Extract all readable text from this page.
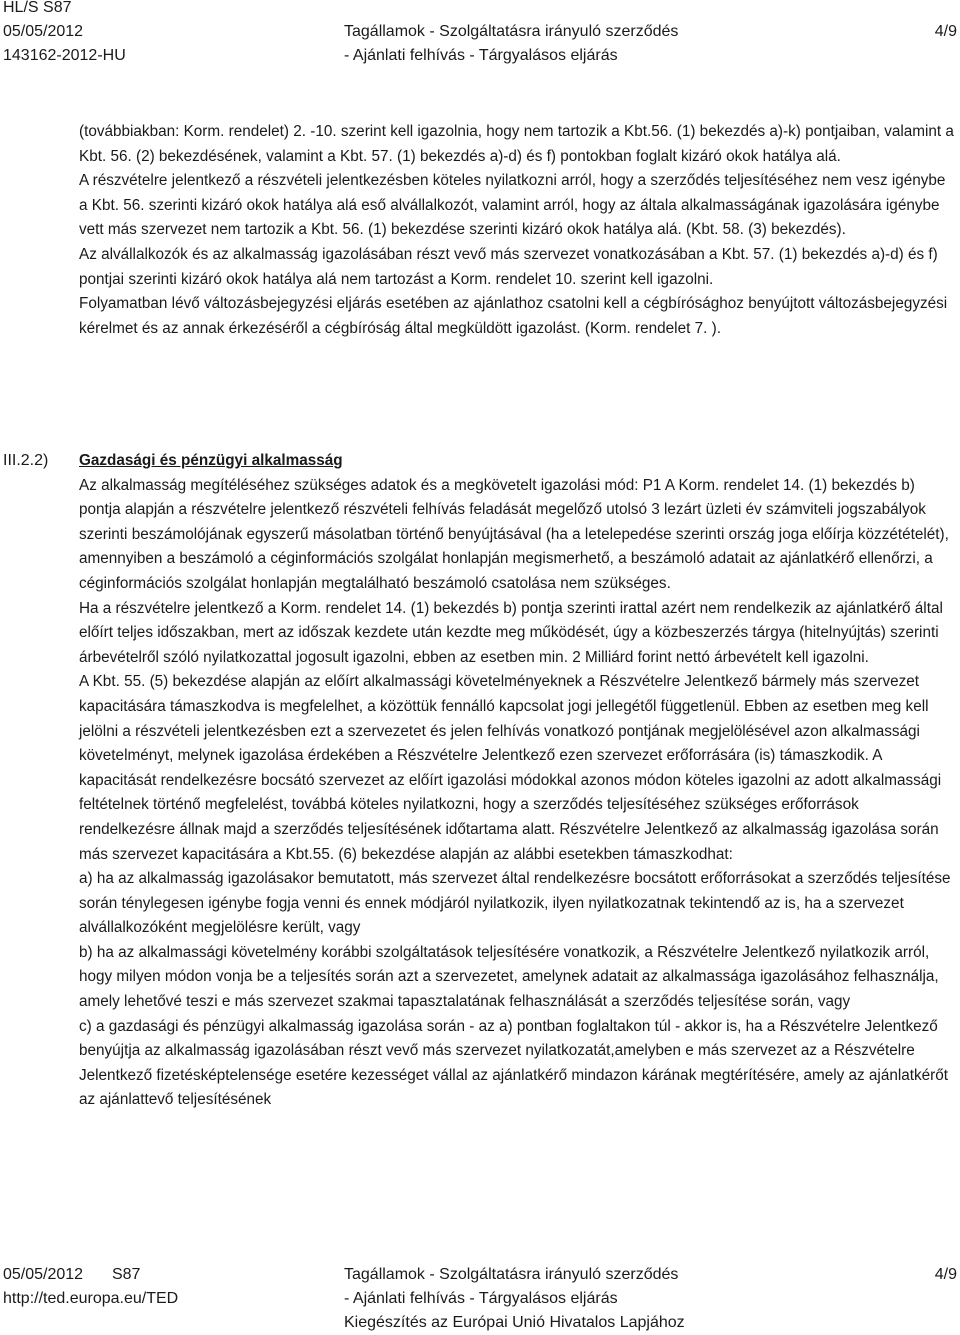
HL/S S87
05/05/2012
143162-2012-HU
Tagállamok - Szolgáltatásra irányuló szerződés
- Ajánlati felhívás - Tárgyalásos eljárás
4/9

(továbbiakban: Korm. rendelet) 2. -10. szerint kell igazolnia, hogy nem tartozik a Kbt.56. (1) bekezdés a)-k) pontjaiban, valamint a Kbt. 56. (2) bekezdésének, valamint a Kbt. 57. (1) bekezdés a)-d) és f) pontokban foglalt kizáró okok hatálya alá.

A részvételre jelentkező a részvételi jelentkezésben köteles nyilatkozni arról, hogy a szerződés teljesítéséhez nem vesz igénybe a Kbt. 56. szerinti kizáró okok hatálya alá eső alvállalkozót, valamint arról, hogy az általa alkalmasságának igazolására igénybe vett más szervezet nem tartozik a Kbt. 56. (1) bekezdése szerinti kizáró okok hatálya alá. (Kbt. 58. (3) bekezdés).

Az alvállalkozók és az alkalmasság igazolásában részt vevő más szervezet vonatkozásában a Kbt. 57. (1) bekezdés a)-d) és f) pontjai szerinti kizáró okok hatálya alá nem tartozást a Korm. rendelet 10. szerint kell igazolni.

Folyamatban lévő változásbejegyzési eljárás esetében az ajánlathoz csatolni kell a cégbírósághoz benyújtott változásbejegyzési kérelmet és az annak érkezéséről a cégbíróság által megküldött igazolást. (Korm. rendelet 7. ).

III.2.2) Gazdasági és pénzügyi alkalmasság

Az alkalmasság megítéléséhez szükséges adatok és a megkövetelt igazolási mód: P1 A Korm. rendelet 14. (1) bekezdés b) pontja alapján a részvételre jelentkező részvételi felhívás feladását megelőző utolsó 3 lezárt üzleti év számviteli jogszabályok szerinti beszámolójának egyszerű másolatban történő benyújtásával (ha a letelepedése szerinti ország joga előírja közzétételét), amennyiben a beszámoló a céginformációs szolgálat honlapján megismerhető, a beszámoló adatait az ajánlatkérő ellenőrzi, a céginformációs szolgálat honlapján megtalálható beszámoló csatolása nem szükséges.

Ha a részvételre jelentkező a Korm. rendelet 14. (1) bekezdés b) pontja szerinti irattal azért nem rendelkezik az ajánlatkérő által előírt teljes időszakban, mert az időszak kezdete után kezdte meg működését, úgy a közbeszerzés tárgya (hitelnyújtás) szerinti árbevételről szóló nyilatkozattal jogosult igazolni, ebben az esetben min. 2 Milliárd forint nettó árbevételt kell igazolni.

A Kbt. 55. (5) bekezdése alapján az előírt alkalmassági követelményeknek a Részvételre Jelentkező bármely más szervezet kapacitására támaszkodva is megfelelhet, a közöttük fennálló kapcsolat jogi jellegétől függetlenül. Ebben az esetben meg kell jelölni a részvételi jelentkezésben ezt a szervezetet és jelen felhívás vonatkozó pontjának megjelölésével azon alkalmassági követelményt, melynek igazolása érdekében a Részvételre Jelentkező ezen szervezet erőforrására (is) támaszkodik. A kapacitását rendelkezésre bocsátó szervezet az előírt igazolási módokkal azonos módon köteles igazolni az adott alkalmassági feltételnek történő megfelelést, továbbá köteles nyilatkozni, hogy a szerződés teljesítéséhez szükséges erőforrások rendelkezésre állnak majd a szerződés teljesítésének időtartama alatt. Részvételre Jelentkező az alkalmasság igazolása során más szervezet kapacitására a Kbt.55. (6) bekezdése alapján az alábbi esetekben támaszkodhat:

a) ha az alkalmasság igazolásakor bemutatott, más szervezet által rendelkezésre bocsátott erőforrásokat a szerződés teljesítése során ténylegesen igénybe fogja venni és ennek módjáról nyilatkozik, ilyen nyilatkozatnak tekintendő az is, ha a szervezet alvállalkozóként megjelölésre került, vagy

b) ha az alkalmassági követelmény korábbi szolgáltatások teljesítésére vonatkozik, a Részvételre Jelentkező nyilatkozik arról, hogy milyen módon vonja be a teljesítés során azt a szervezetet, amelynek adatait az alkalmassága igazolásához felhasználja, amely lehetővé teszi e más szervezet szakmai tapasztalatának felhasználását a szerződés teljesítése során, vagy

c) a gazdasági és pénzügyi alkalmasság igazolása során - az a) pontban foglaltakon túl - akkor is, ha a Részvételre Jelentkező benyújtja az alkalmasság igazolásában részt vevő más szervezet nyilatkozatát,amelyben e más szervezet az a Részvételre Jelentkező fizetésképtelensége esetére kezességet vállal az ajánlatkérő mindazon kárának megtérítésére, amely az ajánlatkérőt az ajánlattevő teljesítésének

05/05/2012 S87
http://ted.europa.eu/TED
Tagállamok - Szolgáltatásra irányuló szerződés
- Ajánlati felhívás - Tárgyalásos eljárás
Kiegészítés az Európai Unió Hivatalos Lapjához
4/9
